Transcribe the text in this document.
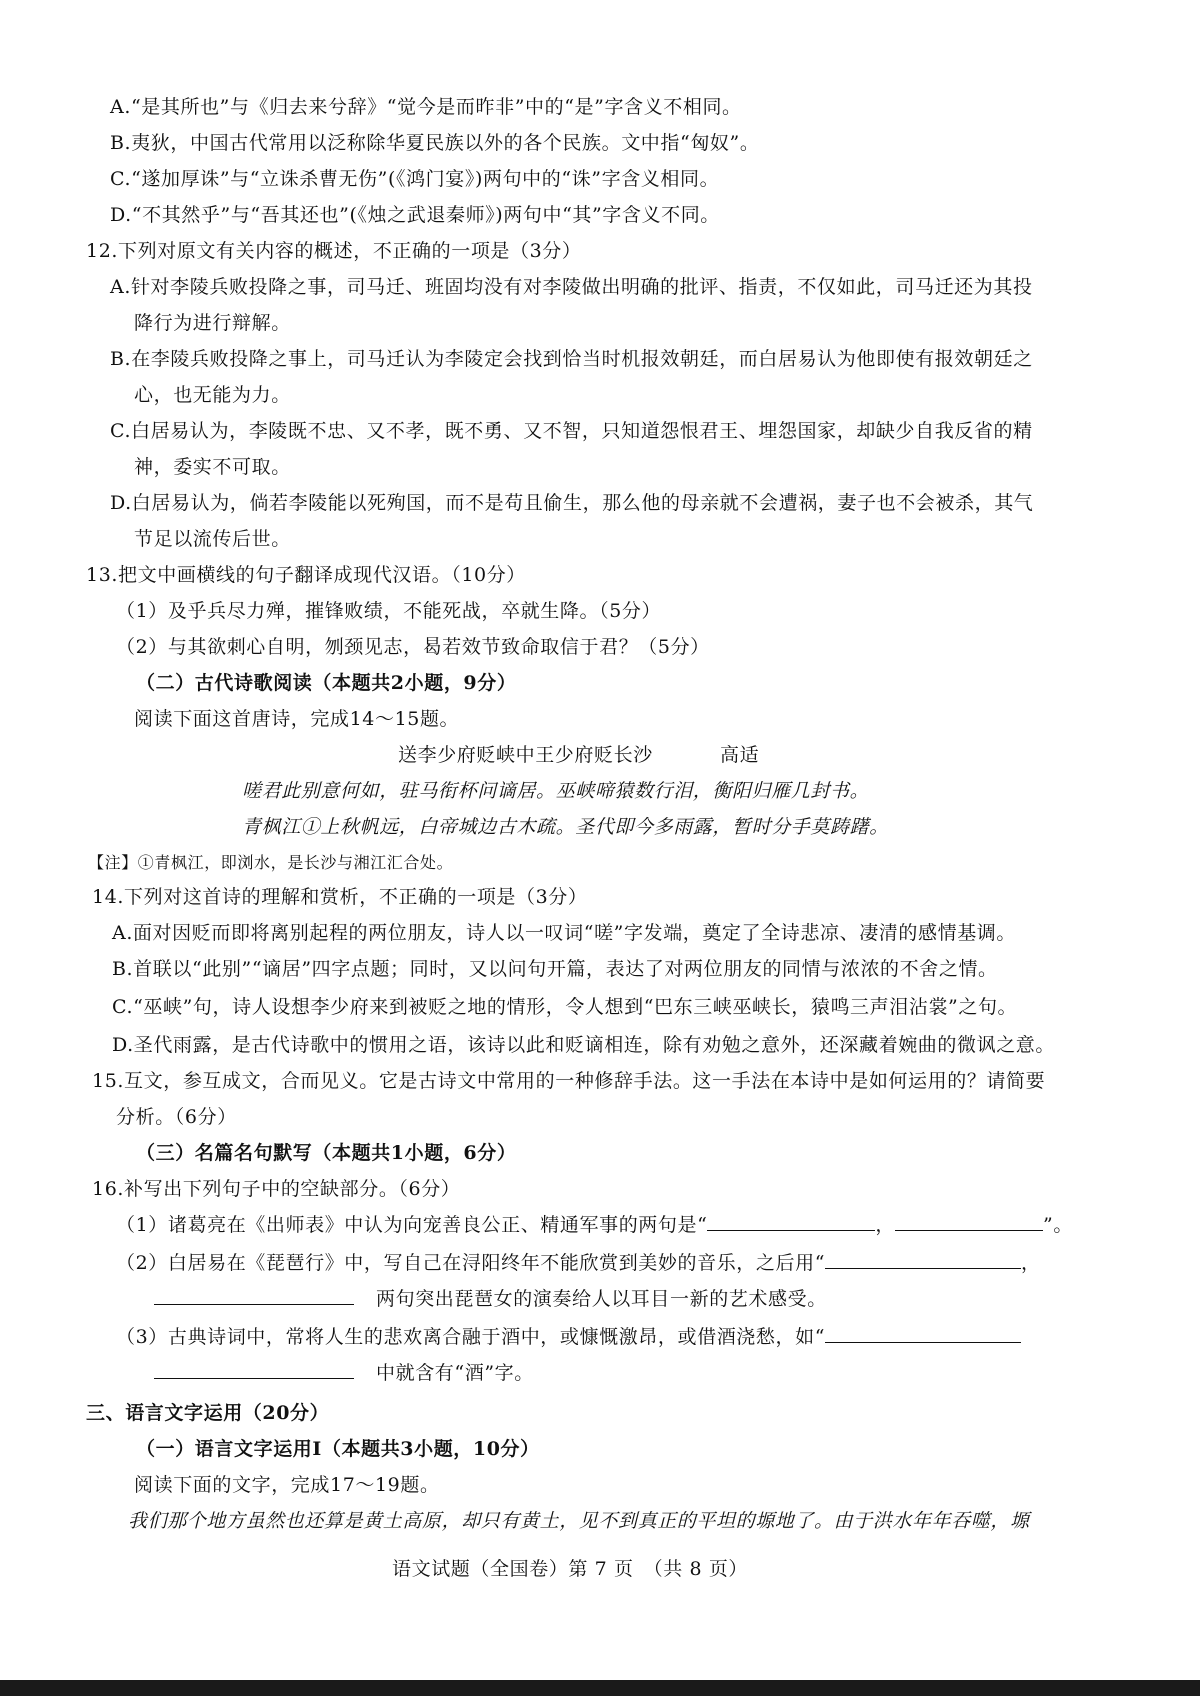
A.“是其所也”与《归去来兮辞》“觉今是而昨非”中的“是”字含义不相同。
B.夷狄，中国古代常用以泛称除华夏民族以外的各个民族。文中指“匈奴”。
C.“遂加厚诛”与“立诛杀曹无伤”(《鸿门宴》)两句中的“诛”字含义相同。
D.“不其然乎”与“吾其还也”(《烛之武退秦师》)两句中“其”字含义不同。
12.下列对原文有关内容的概述，不正确的一项是（3分）
A.针对李陵兵败投降之事，司马迁、班固均没有对李陵做出明确的批评、指责，不仅如此，司马迁还为其投
降行为进行辩解。
B.在李陵兵败投降之事上，司马迁认为李陵定会找到恰当时机报效朝廷，而白居易认为他即使有报效朝廷之
心，也无能为力。
C.白居易认为，李陵既不忠、又不孝，既不勇、又不智，只知道怨恨君王、埋怨国家，却缺少自我反省的精
神，委实不可取。
D.白居易认为，倘若李陵能以死殉国，而不是苟且偷生，那么他的母亲就不会遭祸，妻子也不会被杀，其气
节足以流传后世。
13.把文中画横线的句子翻译成现代汉语。（10分）
（1）及乎兵尽力殚，摧锋败绩，不能死战，卒就生降。（5分）
（2）与其欲刺心自明，刎颈见志，曷若效节致命取信于君？（5分）
（二）古代诗歌阅读（本题共2小题，9分）
阅读下面这首唐诗，完成14～15题。
送李少府贬峡中王少府贬长沙	高适
嗟君此别意何如，驻马衔杯问谪居。巫峡啼猿数行泪，衡阳归雁几封书。
青枫江①上秋帆远，白帝城边古木疏。圣代即今多雨露，暂时分手莫踌躇。
【注】①青枫江，即浏水，是长沙与湘江汇合处。
14.下列对这首诗的理解和赏析，不正确的一项是（3分）
A.面对因贬而即将离别起程的两位朋友，诗人以一叹词“嗟”字发端，奠定了全诗悲凉、凄清的感情基调。
B.首联以“此别”“谪居”四字点题；同时，又以问句开篇，表达了对两位朋友的同情与浓浓的不舍之情。
C.“巫峡”句，诗人设想李少府来到被贬之地的情形，令人想到“巴东三峡巫峡长，猿鸣三声泪沾裳”之句。
D.圣代雨露，是古代诗歌中的惯用之语，该诗以此和贬谪相连，除有劝勉之意外，还深藏着婉曲的微讽之意。
15.互文，参互成文，合而见义。它是古诗文中常用的一种修辞手法。这一手法在本诗中是如何运用的？请简要
分析。（6分）
（三）名篇名句默写（本题共1小题，6分）
16.补写出下列句子中的空缺部分。（6分）
（1）诸葛亮在《出师表》中认为向宠善良公正、精通军事的两句是“	，	”。
（2）白居易在《琵琶行》中，写自己在浔阳终年不能欣赏到美妙的音乐，之后用“	，
两句突出琵琶女的演奏给人以耳目一新的艺术感受。
（3）古典诗词中，常将人生的悲欢离合融于酒中，或慷慨激昂，或借酒浇愁，如“
中就含有“酒”字。
三、语言文字运用（20分）
（一）语言文字运用Ⅰ（本题共3小题，10分）
阅读下面的文字，完成17～19题。
我们那个地方虽然也还算是黄土高原，却只有黄土，见不到真正的平坦的塬地了。由于洪水年年吞噬，塬
语文试题（全国卷）第 7 页　（共 8 页）
